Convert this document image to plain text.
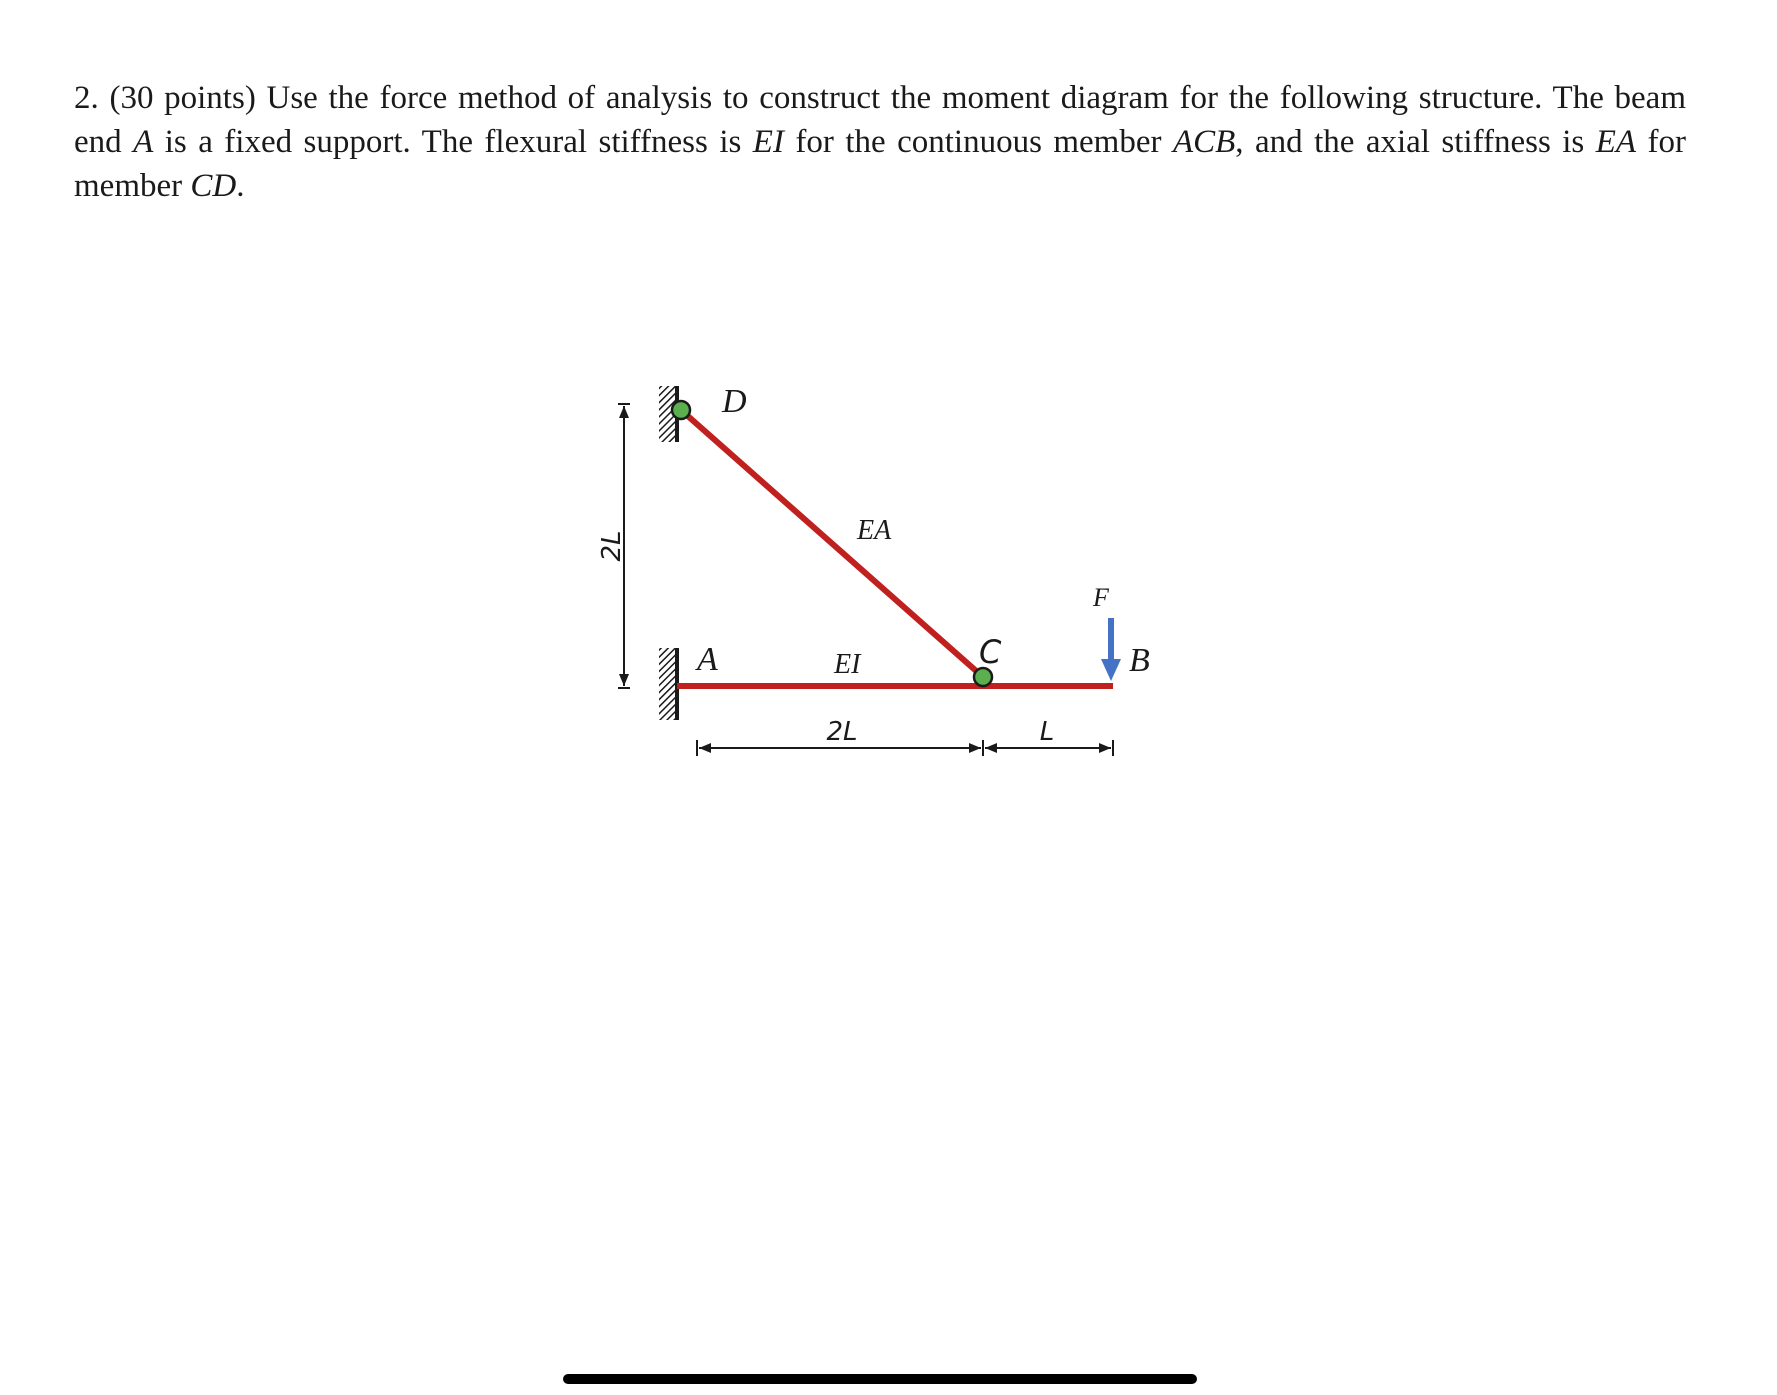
2. (30 points) Use the force method of analysis to construct the moment diagram for the following structure. The beam end A is a fixed support. The flexural stiffness is EI for the continuous member ACB, and the axial stiffness is EA for member CD.
2L
2L	L
D
A	C	B
F
EA
EI
